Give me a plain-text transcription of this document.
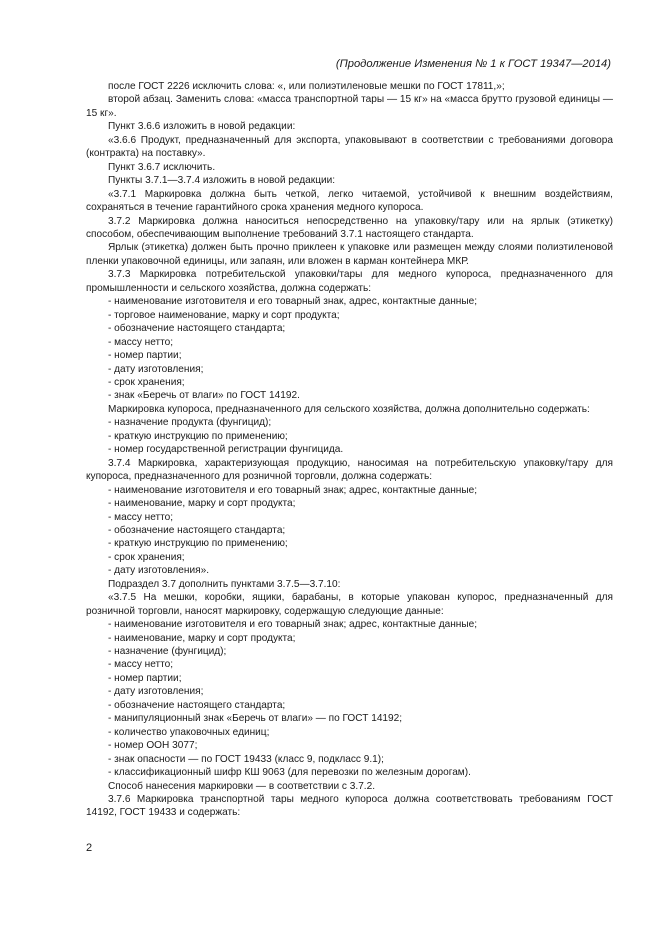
(Продолжение Изменения № 1 к ГОСТ 19347—2014)

после ГОСТ 2226 исключить слова: «, или полиэтиленовые мешки по ГОСТ 17811,»;

второй абзац. Заменить слова: «масса транспортной тары — 15 кг» на «масса брутто грузовой единицы — 15 кг».

Пункт 3.6.6 изложить в новой редакции:

«3.6.6 Продукт, предназначенный для экспорта, упаковывают в соответствии с требованиями договора (контракта) на поставку».

Пункт 3.6.7 исключить.

Пункты 3.7.1—3.7.4 изложить в новой редакции:

«3.7.1 Маркировка должна быть четкой, легко читаемой, устойчивой к внешним воздействиям, сохраняться в течение гарантийного срока хранения медного купороса.

3.7.2 Маркировка должна наноситься непосредственно на упаковку/тару или на ярлык (этикетку) способом, обеспечивающим выполнение требований 3.7.1 настоящего стандарта.

Ярлык (этикетка) должен быть прочно приклеен к упаковке или размещен между слоями полиэтиленовой пленки упаковочной единицы, или запаян, или вложен в карман контейнера МКР.

3.7.3 Маркировка потребительской упаковки/тары для медного купороса, предназначенного для промышленности и сельского хозяйства, должна содержать:

- наименование изготовителя и его товарный знак, адрес, контактные данные;

- торговое наименование, марку и сорт продукта;

- обозначение настоящего стандарта;

- массу нетто;

- номер партии;

- дату изготовления;

- срок хранения;

- знак «Беречь от влаги» по ГОСТ 14192.

Маркировка купороса, предназначенного для сельского хозяйства, должна дополнительно содержать:

- назначение продукта (фунгицид);

- краткую инструкцию по применению;

- номер государственной регистрации фунгицида.

3.7.4 Маркировка, характеризующая продукцию, наносимая на потребительскую упаковку/тару для купороса, предназначенного для розничной торговли, должна содержать:

- наименование изготовителя и его товарный знак; адрес, контактные данные;

- наименование, марку и сорт продукта;

- массу нетто;

- обозначение настоящего стандарта;

- краткую инструкцию по применению;

- срок хранения;

- дату изготовления».

Подраздел 3.7 дополнить пунктами 3.7.5—3.7.10:

«3.7.5 На мешки, коробки, ящики, барабаны, в которые упакован купорос, предназначенный для розничной торговли, наносят маркировку, содержащую следующие данные:

- наименование изготовителя и его товарный знак; адрес, контактные данные;

- наименование, марку и сорт продукта;

- назначение (фунгицид);

- массу нетто;

- номер партии;

- дату изготовления;

- обозначение настоящего стандарта;

- манипуляционный знак «Беречь от влаги» — по ГОСТ 14192;

- количество упаковочных единиц;

- номер ООН 3077;

- знак опасности — по ГОСТ 19433 (класс 9, подкласс 9.1);

- классификационный шифр КШ 9063 (для перевозки по железным дорогам).

Способ нанесения маркировки — в соответствии с 3.7.2.

3.7.6 Маркировка транспортной тары медного купороса должна соответствовать требованиям ГОСТ 14192, ГОСТ 19433 и содержать:

2
